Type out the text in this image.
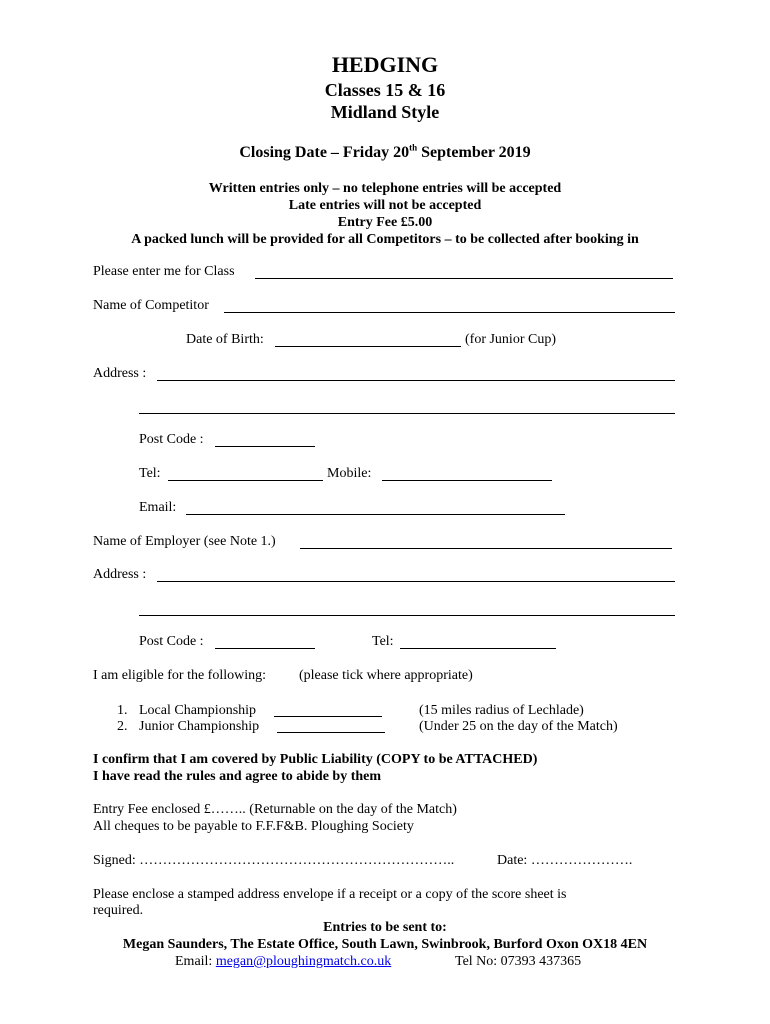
HEDGING
Classes 15 & 16
Midland Style
Closing Date – Friday 20th September 2019
Written entries only – no telephone entries will be accepted
Late entries will not be accepted
Entry Fee £5.00
A packed lunch will be provided for all Competitors – to be collected after booking in
Please enter me for Class
Name of Competitor
Date of Birth:	(for Junior Cup)
Address :
Post Code :
Tel:	Mobile:
Email:
Name of Employer (see Note 1.)
Address :
Post Code :	Tel:
I am eligible for the following: (please tick where appropriate)
1. Local Championship	(15 miles radius of Lechlade)
2. Junior Championship	(Under 25 on the day of the Match)
I confirm that I am covered by Public Liability (COPY to be ATTACHED)
I have read the rules and agree to abide by them
Entry Fee enclosed £…….. (Returnable on the day of the Match)
All cheques to be payable to F.F.F&B. Ploughing Society
Signed: …………………………………………………………..	Date: ………………….
Please enclose a stamped address envelope if a receipt or a copy of the score sheet is
required.
Entries to be sent to:
Megan Saunders, The Estate Office, South Lawn, Swinbrook, Burford Oxon OX18 4EN
Email: megan@ploughingmatch.co.uk	Tel No: 07393 437365
